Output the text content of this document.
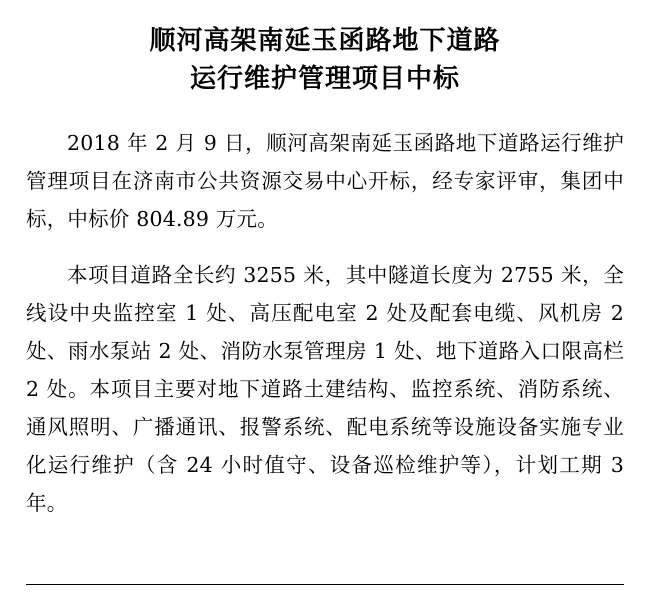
顺河高架南延玉函路地下道路
运行维护管理项目中标

2018 年 2 月 9 日，顺河高架南延玉函路地下道路运行维护管理项目在济南市公共资源交易中心开标，经专家评审，集团中标，中标价 804.89 万元。

本项目道路全长约 3255 米，其中隧道长度为 2755 米，全线设中央监控室 1 处、高压配电室 2 处及配套电缆、风机房 2 处、雨水泵站 2 处、消防水泵管理房 1 处、地下道路入口限高栏 2 处。本项目主要对地下道路土建结构、监控系统、消防系统、通风照明、广播通讯、报警系统、配电系统等设施设备实施专业化运行维护（含 24 小时值守、设备巡检维护等），计划工期 3 年。
